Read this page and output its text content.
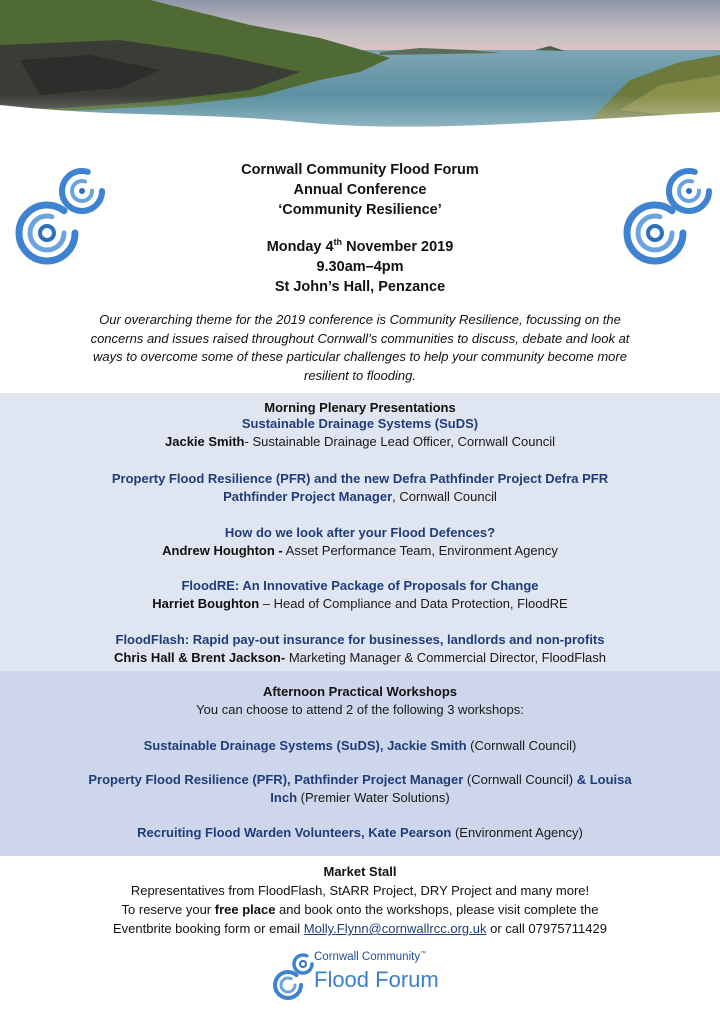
Cornwall Community Flood Forum
Annual Conference
‘Community Resilience’
Monday 4th November 2019
9.30am–4pm
St John’s Hall, Penzance
Our overarching theme for the 2019 conference is Community Resilience, focussing on the concerns and issues raised throughout Cornwall’s communities to discuss, debate and look at ways to overcome some of these particular challenges to help your community become more resilient to flooding.
Morning Plenary Presentations
Sustainable Drainage Systems (SuDS)
Jackie Smith- Sustainable Drainage Lead Officer, Cornwall Council
Property Flood Resilience (PFR) and the new Defra Pathfinder Project Defra PFR
Pathfinder Project Manager, Cornwall Council
How do we look after your Flood Defences?
Andrew Houghton - Asset Performance Team, Environment Agency
FloodRE: An Innovative Package of Proposals for Change
Harriet Boughton – Head of Compliance and Data Protection, FloodRE
FloodFlash: Rapid pay-out insurance for businesses, landlords and non-profits
Chris Hall & Brent Jackson- Marketing Manager & Commercial Director, FloodFlash
Afternoon Practical Workshops
You can choose to attend 2 of the following 3 workshops:
Sustainable Drainage Systems (SuDS), Jackie Smith (Cornwall Council)
Property Flood Resilience (PFR), Pathfinder Project Manager (Cornwall Council) & Louisa
Inch (Premier Water Solutions)
Recruiting Flood Warden Volunteers, Kate Pearson (Environment Agency)
Market Stall
Representatives from FloodFlash, StARR Project, DRY Project and many more!
To reserve your free place and book onto the workshops, please visit complete the
Eventbrite booking form or email Molly.Flynn@cornwallrcc.org.uk or call 07975711429
Cornwall Community™
Flood Forum
